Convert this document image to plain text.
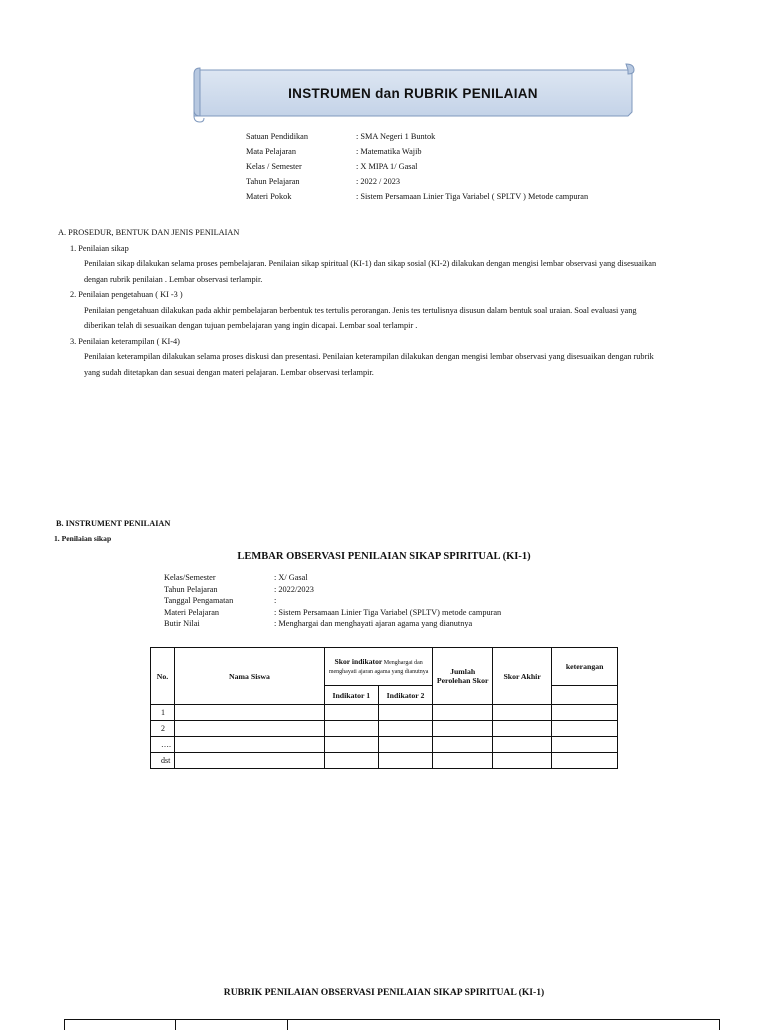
INSTRUMEN dan RUBRIK PENILAIAN
Satuan Pendidikan	: SMA Negeri 1 Buntok
Mata Pelajaran	: Matematika Wajib
Kelas / Semester	: X MIPA 1/ Gasal
Tahun Pelajaran	: 2022 / 2023
Materi Pokok	: Sistem Persamaan Linier Tiga Variabel ( SPLTV ) Metode campuran
A. PROSEDUR, BENTUK DAN JENIS PENILAIAN
1. Penilaian sikap
Penilaian sikap dilakukan selama proses pembelajaran. Penilaian sikap spiritual (KI-1) dan sikap sosial (KI-2) dilakukan dengan mengisi lembar observasi yang disesuaikan
dengan rubrik penilaian . Lembar observasi terlampir.
2. Penilaian pengetahuan ( KI -3 )
Penilaian pengetahuan dilakukan pada akhir pembelajaran berbentuk tes tertulis perorangan. Jenis tes tertulisnya disusun dalam bentuk soal uraian. Soal evaluasi yang
diberikan telah di sesuaikan dengan tujuan pembelajaran yang ingin dicapai. Lembar soal terlampir .
3. Penilaian keterampilan ( KI-4)
Penilaian keterampilan dilakukan selama proses diskusi dan presentasi. Penilaian keterampilan dilakukan dengan mengisi lembar observasi yang disesuaikan dengan rubrik
yang sudah ditetapkan dan sesuai dengan materi pelajaran. Lembar observasi terlampir.
B. INSTRUMENT PENILAIAN
1. Penilaian sikap
LEMBAR OBSERVASI PENILAIAN SIKAP SPIRITUAL (KI-1)
Kelas/Semester	: X/ Gasal
Tahun Pelajaran	: 2022/2023
Tanggal Pengamatan	:
Materi Pelajaran	: Sistem Persamaan Linier Tiga Variabel (SPLTV) metode campuran
Butir Nilai	: Menghargai dan menghayati ajaran agama yang dianutnya
No.	Nama Siswa	Skor indikator Menghargai dan menghayati ajaran agama yang dianutnya		Jumlah Perolehan Skor	Skor Akhir	keterangan
		Indikator 1	Indikator 2			
1						
2						
….						
dst						
RUBRIK PENILAIAN OBSERVASI PENILAIAN SIKAP SPIRITUAL (KI-1)
